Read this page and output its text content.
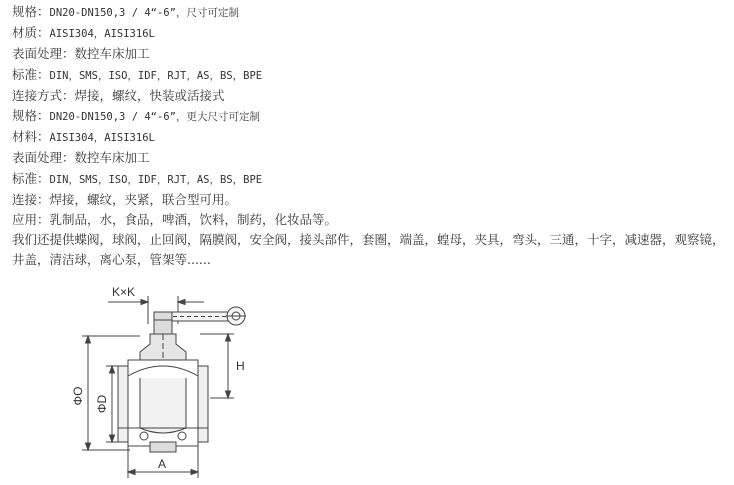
规格：DN20-DN150,3 / 4“-6”，尺寸可定制

材质：AISI304，AISI316L

表面处理：数控车床加工

标准：DIN，SMS，ISO，IDF，RJT，AS，BS，BPE

连接方式：焊接，螺纹，快装或活接式

规格：DN20-DN150,3 / 4“-6”，更大尺寸可定制

材料：AISI304，AISI316L

表面处理：数控车床加工

标准：DIN，SMS，ISO，IDF，RJT，AS，BS，BPE

连接：焊接，螺纹，夹紧，联合型可用。

应用：乳制品，水，食品，啤酒，饮料，制药，化妆品等。

我们还提供蝶阀，球阀，止回阀，隔膜阀，安全阀，接头部件，套圈，端盖，蝗母，夹具，弯头，三通，十字，减速器，观察镜，井盖，清洁球，离心泵，管架等......

K×K
H
ΦO ΦD
A
